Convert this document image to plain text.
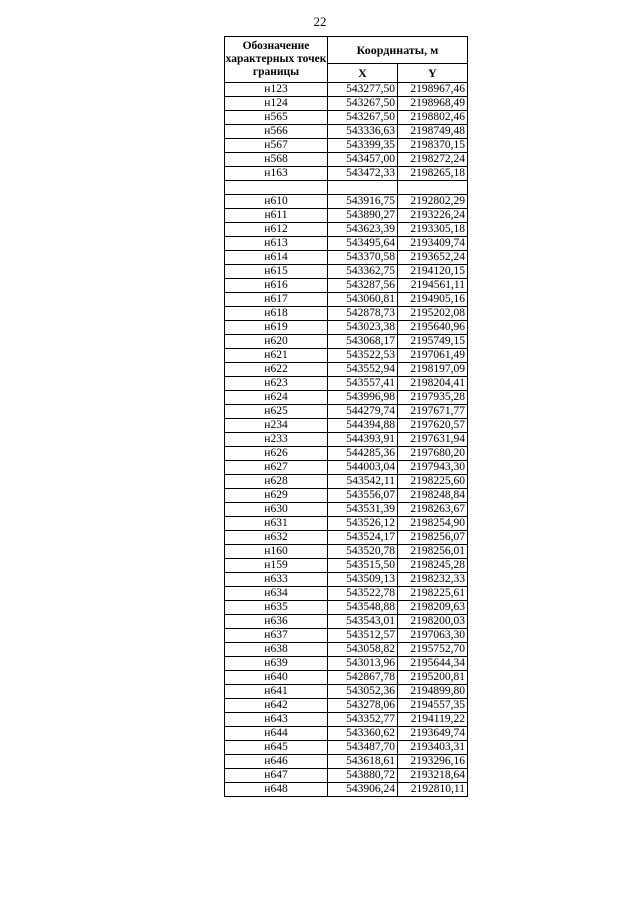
22
Обозначение характерных точек границы	Координаты, м	
	X	Y
н123	543277,50	2198967,46
н124	543267,50	2198968,49
н565	543267,50	2198802,46
н566	543336,63	2198749,48
н567	543399,35	2198370,15
н568	543457,00	2198272,24
н163	543472,33	2198265,18

н610	543916,75	2192802,29
н611	543890,27	2193226,24
н612	543623,39	2193305,18
н613	543495,64	2193409,74
н614	543370,58	2193652,24
н615	543362,75	2194120,15
н616	543287,56	2194561,11
н617	543060,81	2194905,16
н618	542878,73	2195202,08
н619	543023,38	2195640,96
н620	543068,17	2195749,15
н621	543522,53	2197061,49
н622	543552,94	2198197,09
н623	543557,41	2198204,41
н624	543996,98	2197935,28
н625	544279,74	2197671,77
н234	544394,88	2197620,57
н233	544393,91	2197631,94
н626	544285,36	2197680,20
н627	544003,04	2197943,30
н628	543542,11	2198225,60
н629	543556,07	2198248,84
н630	543531,39	2198263,67
н631	543526,12	2198254,90
н632	543524,17	2198256,07
н160	543520,78	2198256,01
н159	543515,50	2198245,28
н633	543509,13	2198232,33
н634	543522,78	2198225,61
н635	543548,88	2198209,63
н636	543543,01	2198200,03
н637	543512,57	2197063,30
н638	543058,82	2195752,70
н639	543013,96	2195644,34
н640	542867,78	2195200,81
н641	543052,36	2194899,80
н642	543278,06	2194557,35
н643	543352,77	2194119,22
н644	543360,62	2193649,74
н645	543487,70	2193403,31
н646	543618,61	2193296,16
н647	543880,72	2193218,64
н648	543906,24	2192810,11
